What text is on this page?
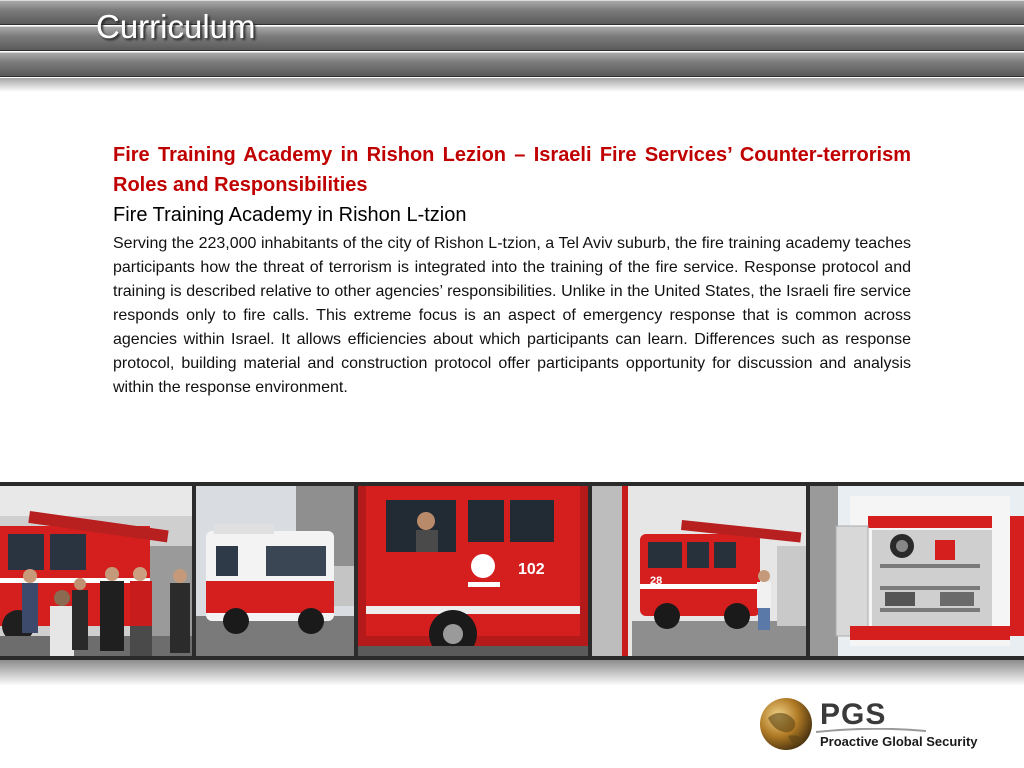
Curriculum

Fire Training Academy in Rishon Lezion – Israeli Fire Services’ Counter-terrorism Roles and Responsibilities

Fire Training Academy in Rishon L-tzion

Serving the 223,000 inhabitants of the city of Rishon L-tzion, a Tel Aviv suburb, the fire training academy teaches participants how the threat of terrorism is integrated into the training of the fire service. Response protocol and training is described relative to other agencies’ responsibilities. Unlike in the United States, the Israeli fire service responds only to fire calls. This extreme focus is an aspect of emergency response that is common across agencies within Israel. It allows efficiencies about which participants can learn. Differences such as response protocol, building material and construction protocol offer participants opportunity for discussion and analysis within the response environment.

102
28
PGS
Proactive Global Security
